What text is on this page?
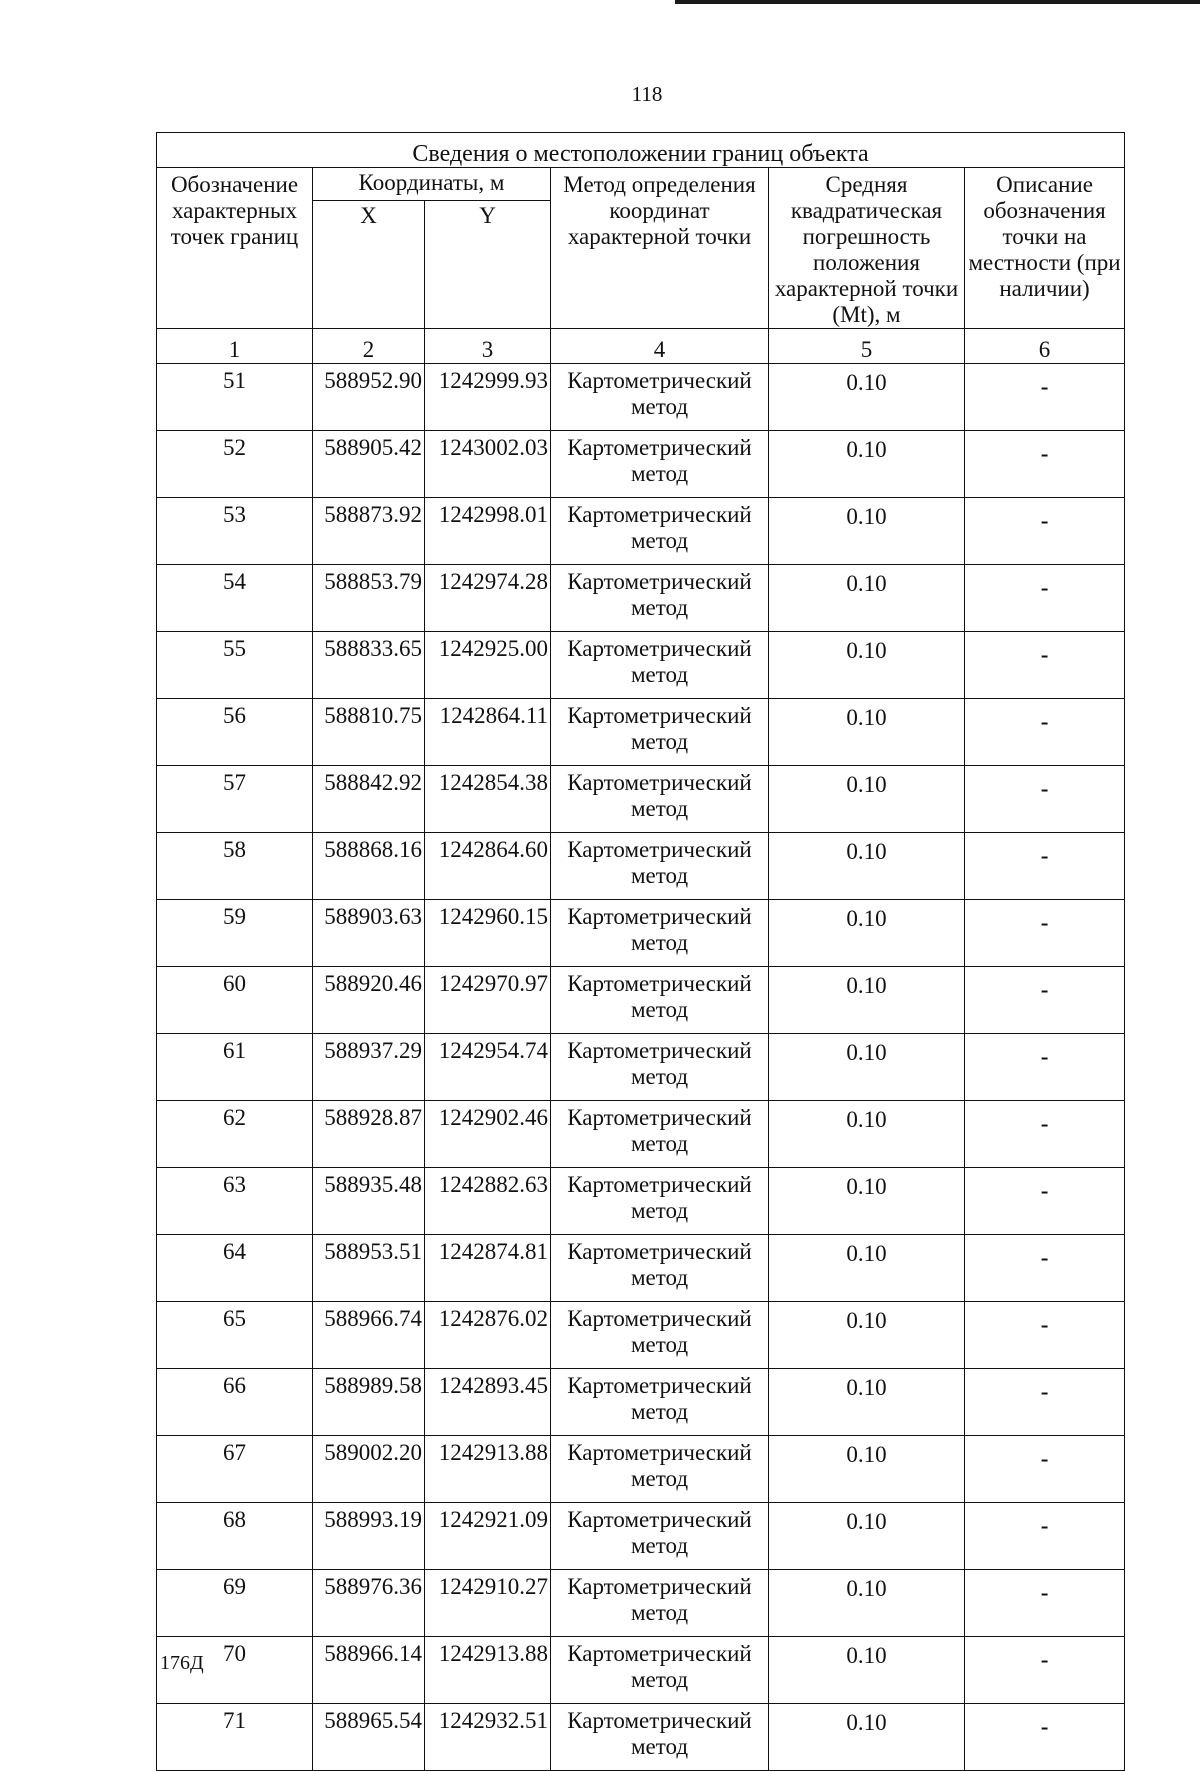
118
Сведения о местоположении границ объекта					
Обозначение характерных точек границ	Координаты, м		Метод определения координат характерной точки	Средняя квадратическая погрешность положения характерной точки (Mt), м	Описание обозначения точки на местности (при наличии)
	X	Y			
1	2	3	4	5	6
51	588952.90	1242999.93	Картометрический метод	0.10	-
52	588905.42	1243002.03	Картометрический метод	0.10	-
53	588873.92	1242998.01	Картометрический метод	0.10	-
54	588853.79	1242974.28	Картометрический метод	0.10	-
55	588833.65	1242925.00	Картометрический метод	0.10	-
56	588810.75	1242864.11	Картометрический метод	0.10	-
57	588842.92	1242854.38	Картометрический метод	0.10	-
58	588868.16	1242864.60	Картометрический метод	0.10	-
59	588903.63	1242960.15	Картометрический метод	0.10	-
60	588920.46	1242970.97	Картометрический метод	0.10	-
61	588937.29	1242954.74	Картометрический метод	0.10	-
62	588928.87	1242902.46	Картометрический метод	0.10	-
63	588935.48	1242882.63	Картометрический метод	0.10	-
64	588953.51	1242874.81	Картометрический метод	0.10	-
65	588966.74	1242876.02	Картометрический метод	0.10	-
66	588989.58	1242893.45	Картометрический метод	0.10	-
67	589002.20	1242913.88	Картометрический метод	0.10	-
68	588993.19	1242921.09	Картометрический метод	0.10	-
69	588976.36	1242910.27	Картометрический метод	0.10	-
70	588966.14	1242913.88	Картометрический метод	0.10	-
71	588965.54	1242932.51	Картометрический метод	0.10	-
176Д
